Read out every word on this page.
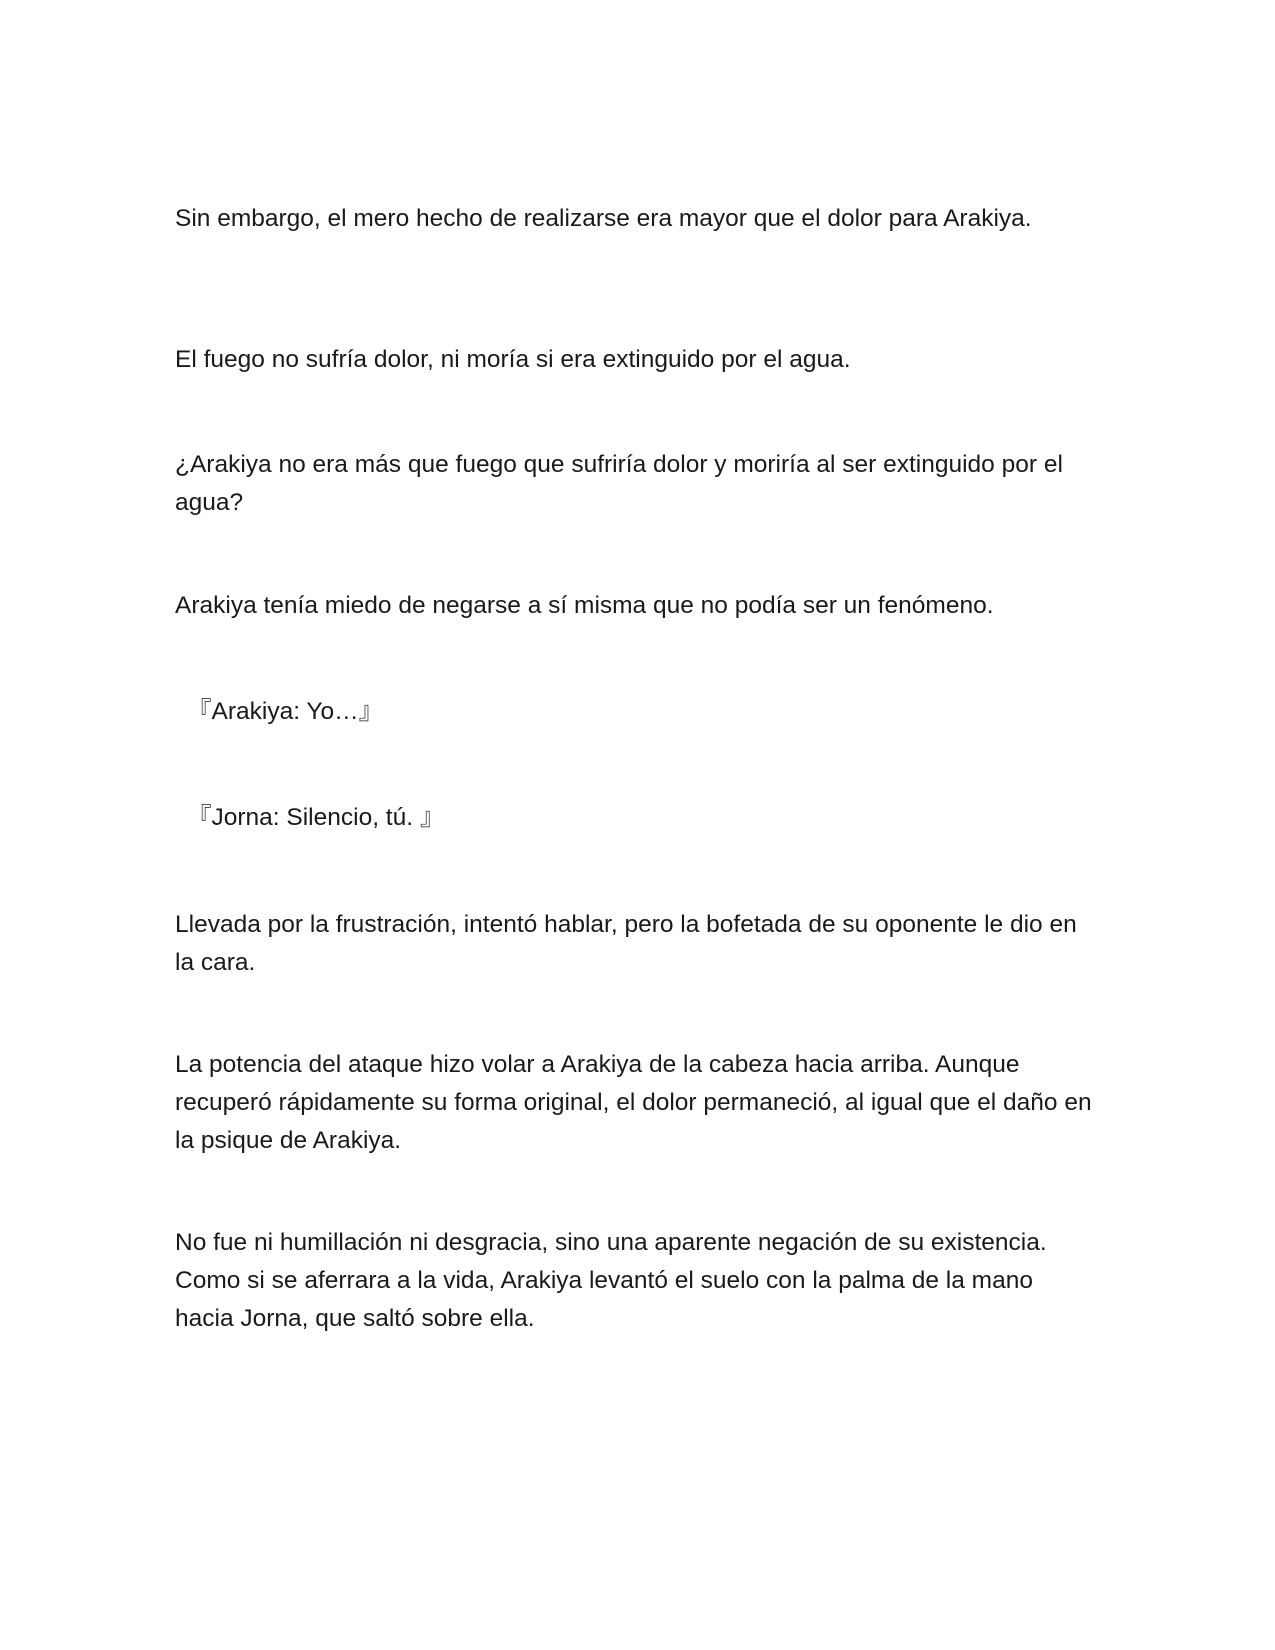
Sin embargo, el mero hecho de realizarse era mayor que el dolor para Arakiya.

El fuego no sufría dolor, ni moría si era extinguido por el agua.

¿Arakiya no era más que fuego que sufriría dolor y moriría al ser extinguido por el agua?

Arakiya tenía miedo de negarse a sí misma que no podía ser un fenómeno.

『Arakiya: Yo…』

『Jorna: Silencio, tú. 』

Llevada por la frustración, intentó hablar, pero la bofetada de su oponente le dio en la cara.

La potencia del ataque hizo volar a Arakiya de la cabeza hacia arriba. Aunque recuperó rápidamente su forma original, el dolor permaneció, al igual que el daño en la psique de Arakiya.

No fue ni humillación ni desgracia, sino una aparente negación de su existencia. Como si se aferrara a la vida, Arakiya levantó el suelo con la palma de la mano hacia Jorna, que saltó sobre ella.
